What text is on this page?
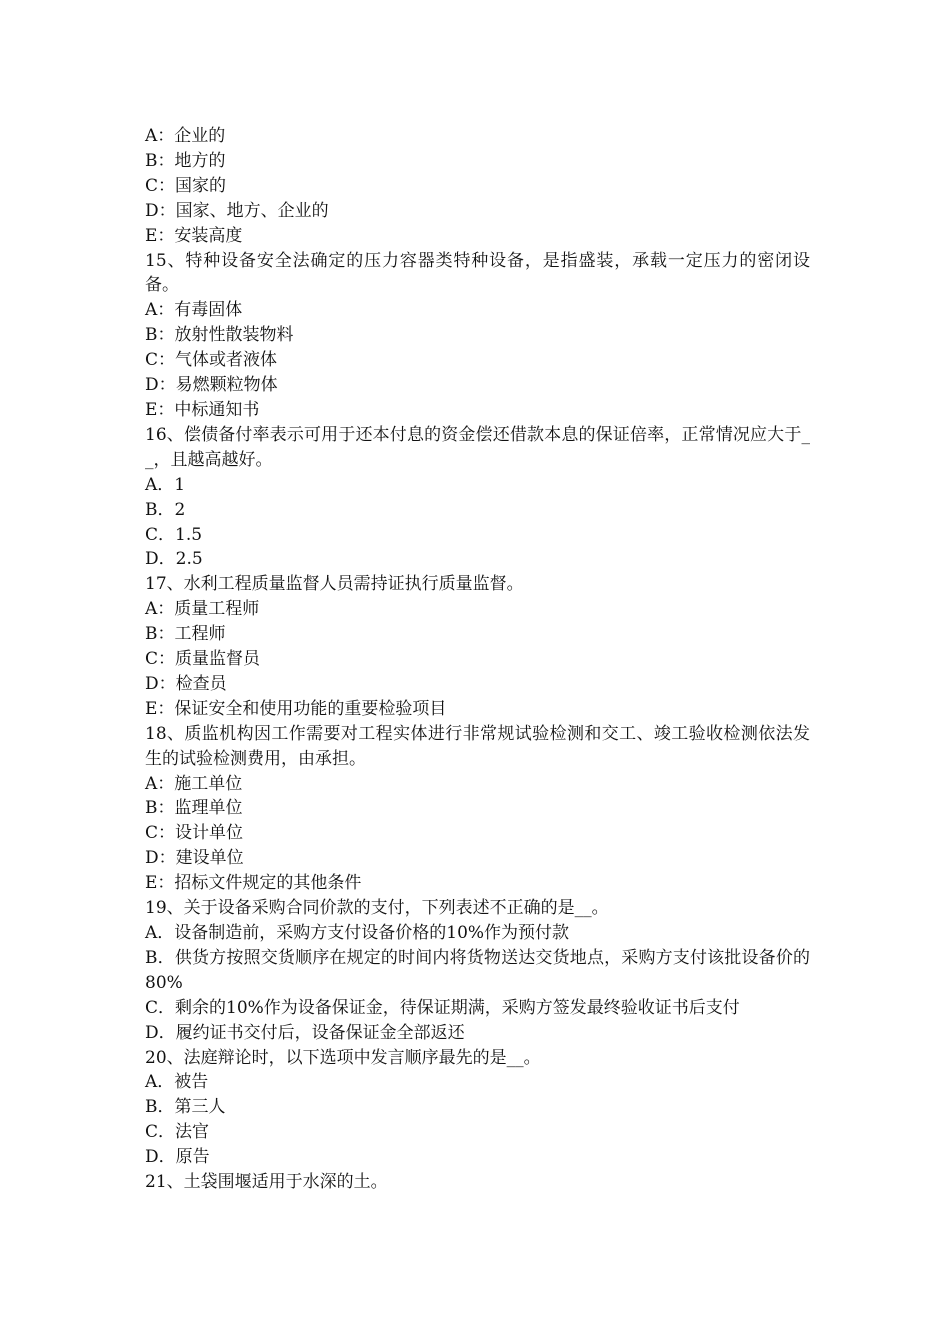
A：企业的
B：地方的
C：国家的
D：国家、地方、企业的
E：安装高度
15、特种设备安全法确定的压力容器类特种设备，是指盛装，承载一定压力的密闭设备。
A：有毒固体
B：放射性散装物料
C：气体或者液体
D：易燃颗粒物体
E：中标通知书
16、偿债备付率表示可用于还本付息的资金偿还借款本息的保证倍率，正常情况应大于__，且越高越好。
A．1
B．2
C．1.5
D．2.5
17、水利工程质量监督人员需持证执行质量监督。
A：质量工程师
B：工程师
C：质量监督员
D：检查员
E：保证安全和使用功能的重要检验项目
18、质监机构因工作需要对工程实体进行非常规试验检测和交工、竣工验收检测依法发生的试验检测费用，由承担。
A：施工单位
B：监理单位
C：设计单位
D：建设单位
E：招标文件规定的其他条件
19、关于设备采购合同价款的支付，下列表述不正确的是__。
A．设备制造前，采购方支付设备价格的10%作为预付款
B．供货方按照交货顺序在规定的时间内将货物送达交货地点，采购方支付该批设备价的80%
C．剩余的10%作为设备保证金，待保证期满，采购方签发最终验收证书后支付
D．履约证书交付后，设备保证金全部返还
20、法庭辩论时，以下选项中发言顺序最先的是__。
A．被告
B．第三人
C．法官
D．原告
21、土袋围堰适用于水深的土。
